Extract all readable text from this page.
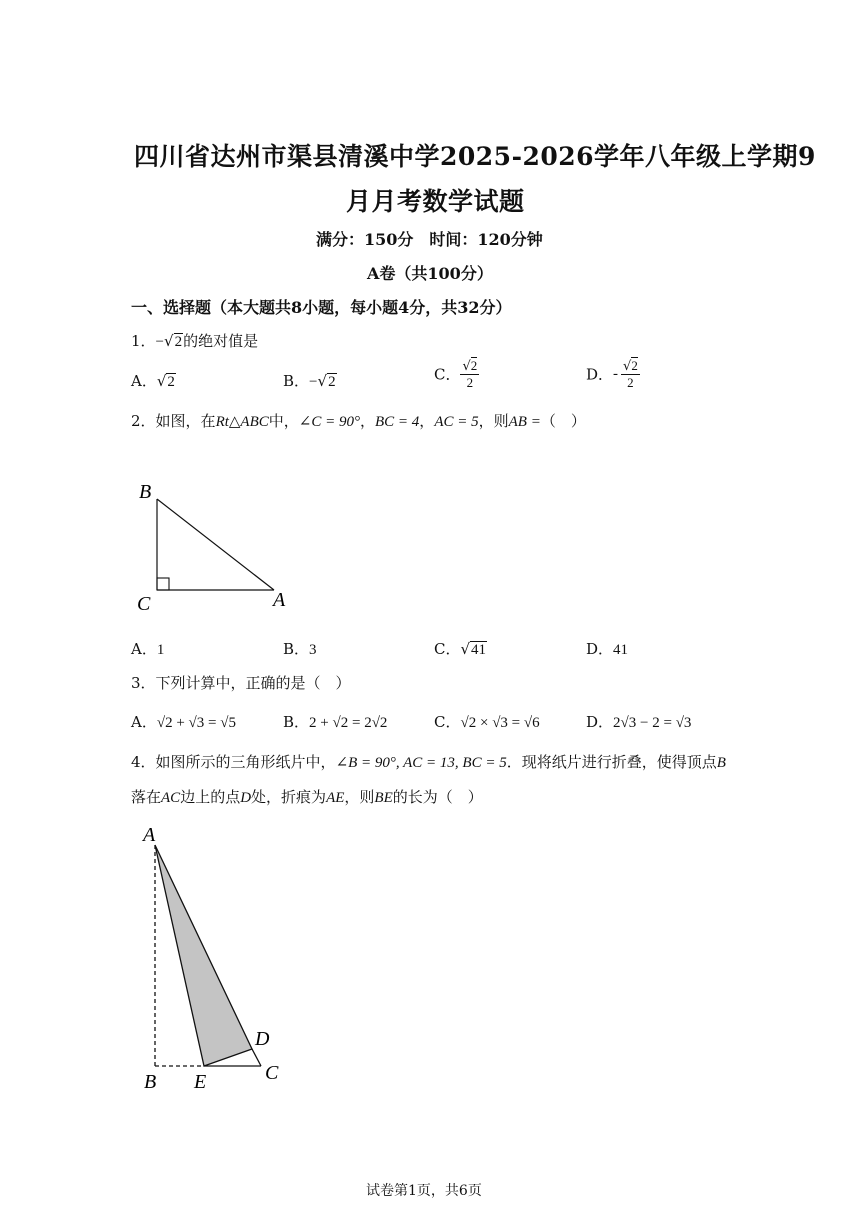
四川省达州市渠县清溪中学2025-2026学年八年级上学期9
月月考数学试题
满分：150分　时间：120分钟
A卷（共100分）
一、选择题（本大题共8小题，每小题4分，共32分）
1．−√2的绝对值是
A．√2	B．−√2	C． $\frac{√2}{2}$	D．- $\frac{√2}{2}$
2．如图，在Rt△ABC中，∠C = 90°，BC = 4，AC = 5，则AB =（　）
B
C	A
A．1	B．3	C．√41	D．41
3．下列计算中，正确的是（　）
A．√2 + √3 = √5	B．2 + √2 = 2√2	C．√2 × √3 = √6	D．2√3 − 2 = √3
4．如图所示的三角形纸片中，∠B = 90°, AC = 13, BC = 5．现将纸片进行折叠，使得顶点B
落在AC边上的点D处，折痕为AE，则BE的长为（　）
A
B E
D
C
试卷第1页，共6页
